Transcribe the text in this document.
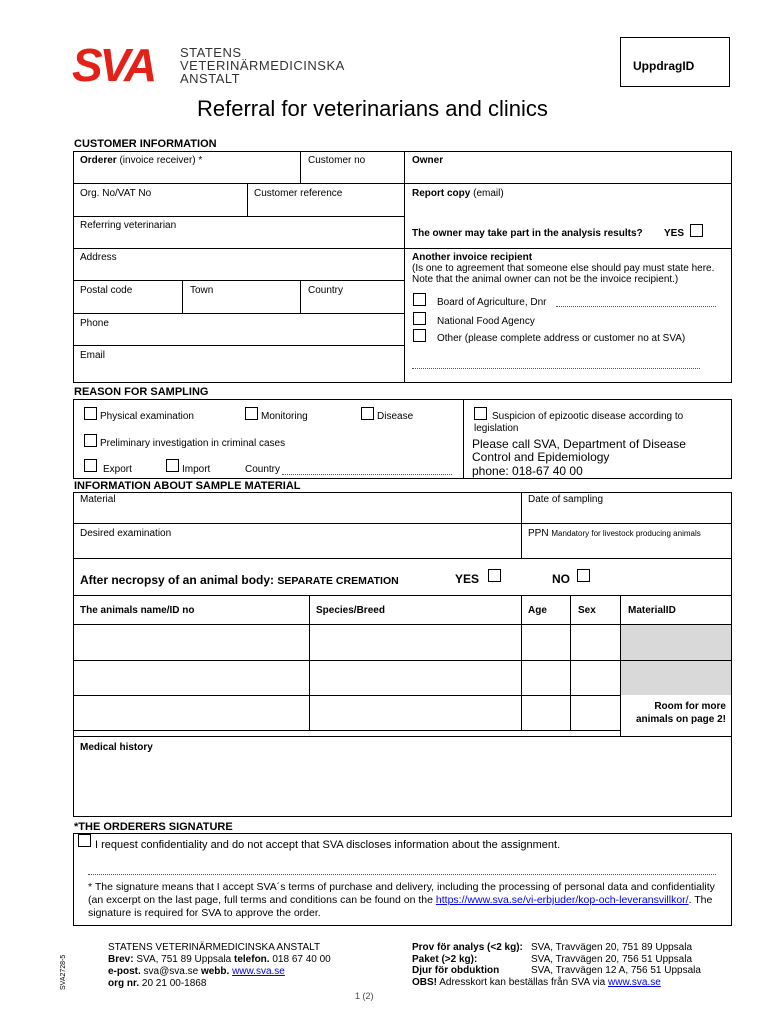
SVA	STATENS
VETERINÄRMEDICINSKA
ANSTALT
UppdragID
Referral for veterinarians and clinics
CUSTOMER INFORMATION
Orderer (invoice receiver) *	Customer no	Owner
Org. No/VAT No	Customer reference	Report copy (email)
Referring veterinarian
The owner may take part in the analysis results? YES
Address	Another invoice recipient
(Is one to agreement that someone else should pay must state here. Note that the animal owner can not be the invoice recipient.)
Postal code	Town	Country
Board of Agriculture, Dnr
National Food Agency
Other (please complete address or customer no at SVA)
Phone
Email
REASON FOR SAMPLING
Physical examination	Monitoring	Disease	Suspicion of epizootic disease according to legislation
Please call SVA, Department of Disease Control and Epidemiology
phone: 018-67 40 00
Preliminary investigation in criminal cases
Export	Import	Country
INFORMATION ABOUT SAMPLE MATERIAL
Material	Date of sampling
Desired examination	PPN Mandatory for livestock producing animals
After necropsy of an animal body: SEPARATE CREMATION	YES	NO
The animals name/ID no	Species/Breed	Age	Sex	MaterialID
Room for more animals on page 2!
Medical history
*THE ORDERERS SIGNATURE
I request confidentiality and do not accept that SVA discloses information about the assignment.
* The signature means that I accept SVA´s terms of purchase and delivery, including the processing of personal data and confidentiality (an excerpt on the last page, full terms and conditions can be found on the https://www.sva.se/vi-erbjuder/kop-och-leveransvillkor/. The signature is required for SVA to approve the order.
SVA2728-5
STATENS VETERINÄRMEDICINSKA ANSTALT
Brev: SVA, 751 89 Uppsala telefon. 018 67 40 00
e-post. sva@sva.se webb. www.sva.se
org nr. 20 21 00-1868
Prov för analys (<2 kg): SVA, Travvägen 20, 751 89 Uppsala
Paket (>2 kg):	SVA, Travvägen 20, 756 51 Uppsala
Djur för obduktion	SVA, Travvägen 12 A, 756 51 Uppsala
OBS! Adresskort kan beställas från SVA via www.sva.se
1 (2)
